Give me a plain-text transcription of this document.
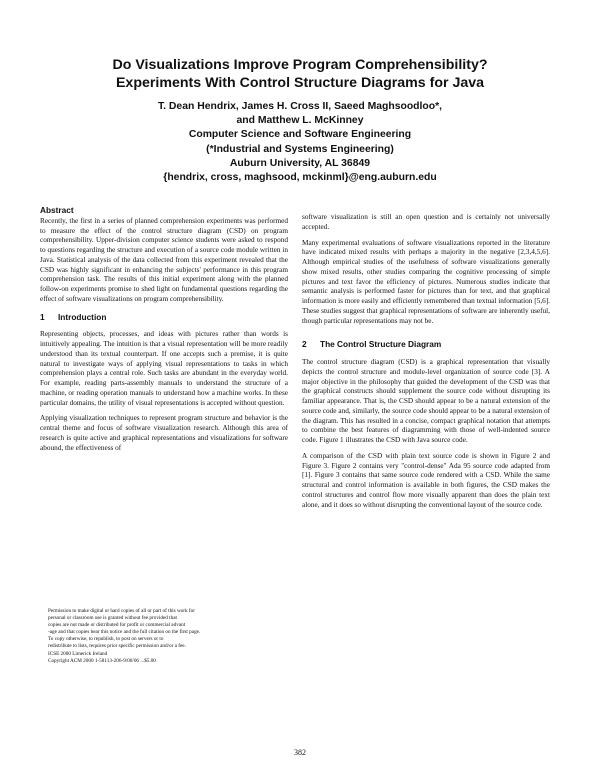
Do Visualizations Improve Program Comprehensibility?
Experiments With Control Structure Diagrams for Java
T. Dean Hendrix, James H. Cross II, Saeed Maghsoodloo*,
and Matthew L. McKinney
Computer Science and Software Engineering
(*Industrial and Systems Engineering)
Auburn University, AL 36849
{hendrix, cross, maghsood, mckinml}@eng.auburn.edu
Abstract

Recently, the first in a series of planned comprehension experiments was performed to measure the effect of the control structure diagram (CSD) on program comprehensibility. Upper-division computer science students were asked to respond to questions regarding the structure and execution of a source code module written in Java. Statistical analysis of the data collected from this experiment revealed that the CSD was highly significant in enhancing the subjects' performance in this program comprehension task. The results of this initial experiment along with the planned follow-on experiments promise to shed light on fundamental questions regarding the effect of software visualizations on program comprehensibility.

1 Introduction

Representing objects, processes, and ideas with pictures rather than words is intuitively appealing. The intuition is that a visual representation will be more readily understood than its textual counterpart. If one accepts such a premise, it is quite natural to investigate ways of applying visual representations to tasks in which comprehension plays a central role. Such tasks are abundant in the everyday world. For example, reading parts-assembly manuals to understand the structure of a machine, or reading operation manuals to understand how a machine works. In these particular domains, the utility of visual representations is accepted without question.

Applying visualization techniques to represent program structure and behavior is the central theme and focus of software visualization research. Although this area of research is quite active and graphical representations and visualizations for software abound, the effectiveness of

software visualization is still an open question and is certainly not universally accepted.

Many experimental evaluations of software visualizations reported in the literature have indicated mixed results with perhaps a majority in the negative [2,3,4,5,6]. Although empirical studies of the usefulness of software visualizations generally show mixed results, other studies comparing the cognitive processing of simple pictures and text favor the efficiency of pictures. Numerous studies indicate that semantic analysis is performed faster for pictures than for text, and that graphical information is more easily and efficiently remembered than textual information [5,6]. These studies suggest that graphical representations of software are inherently useful, though particular representations may not be.

2 The Control Structure Diagram

The control structure diagram (CSD) is a graphical representation that visually depicts the control structure and module-level organization of source code [3]. A major objective in the philosophy that guided the development of the CSD was that the graphical constructs should supplement the source code without disrupting its familiar appearance. That is, the CSD should appear to be a natural extension of the source code and, similarly, the source code should appear to be a natural extension of the diagram. This has resulted in a concise, compact graphical notation that attempts to combine the best features of diagramming with those of well-indented source code. Figure 1 illustrates the CSD with Java source code.

A comparison of the CSD with plain text source code is shown in Figure 2 and Figure 3. Figure 2 contains very "control-dense" Ada 95 source code adapted from [1]. Figure 3 contains that same source code rendered with a CSD. While the same structural and control information is available in both figures, the CSD makes the control structures and control flow more visually apparent than does the plain text alone, and it does so without disrupting the conventional layout of the source code.

Permission to make digital or hard copies of all or part of this work for
personal or classroom use is granted without fee provided that
copies are not made or distributed for profit or commercial advant
-age and that copies bear this notice and the full citation on the first page.
To copy otherwise, to republish, to post on servers or to
redistribute to lists, requires prior specific permission and/or a fee.
ICSE 2000 Limerick Ireland
Copyright ACM 2000 1-58113-206-9/00/06 ...$5.00
382
